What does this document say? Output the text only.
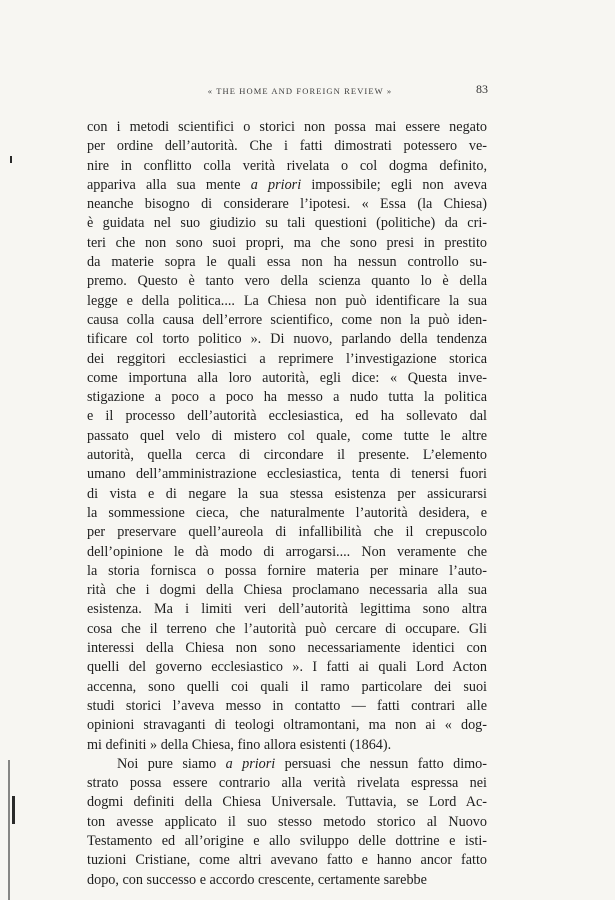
« THE HOME AND FOREIGN REVIEW »	83
con i metodi scientifici o storici non possa mai essere negato
per ordine dell’autorità. Che i fatti dimostrati potessero ve-
nire in conflitto colla verità rivelata o col dogma definito,
appariva alla sua mente a priori impossibile; egli non aveva
neanche bisogno di considerare l’ipotesi. « Essa (la Chiesa)
è guidata nel suo giudizio su tali questioni (politiche) da cri-
teri che non sono suoi propri, ma che sono presi in prestito
da materie sopra le quali essa non ha nessun controllo su-
premo. Questo è tanto vero della scienza quanto lo è della
legge e della politica.... La Chiesa non può identificare la sua
causa colla causa dell’errore scientifico, come non la può iden-
tificare col torto politico ». Di nuovo, parlando della tendenza
dei reggitori ecclesiastici a reprimere l’investigazione storica
come importuna alla loro autorità, egli dice: « Questa inve-
stigazione a poco a poco ha messo a nudo tutta la politica
e il processo dell’autorità ecclesiastica, ed ha sollevato dal
passato quel velo di mistero col quale, come tutte le altre
autorità, quella cerca di circondare il presente. L’elemento
umano dell’amministrazione ecclesiastica, tenta di tenersi fuori
di vista e di negare la sua stessa esistenza per assicurarsi
la sommessione cieca, che naturalmente l’autorità desidera, e
per preservare quell’aureola di infallibilità che il crepuscolo
dell’opinione le dà modo di arrogarsi.... Non veramente che
la storia fornisca o possa fornire materia per minare l’auto-
rità che i dogmi della Chiesa proclamano necessaria alla sua
esistenza. Ma i limiti veri dell’autorità legittima sono altra
cosa che il terreno che l’autorità può cercare di occupare. Gli
interessi della Chiesa non sono necessariamente identici con
quelli del governo ecclesiastico ». I fatti ai quali Lord Acton
accenna, sono quelli coi quali il ramo particolare dei suoi
studi storici l’aveva messo in contatto — fatti contrari alle
opinioni stravaganti di teologi oltramontani, ma non ai « dog-
mi definiti » della Chiesa, fino allora esistenti (1864).
Noi pure siamo a priori persuasi che nessun fatto dimo-
strato possa essere contrario alla verità rivelata espressa nei
dogmi definiti della Chiesa Universale. Tuttavia, se Lord Ac-
ton avesse applicato il suo stesso metodo storico al Nuovo
Testamento ed all’origine e allo sviluppo delle dottrine e isti-
tuzioni Cristiane, come altri avevano fatto e hanno ancor fatto
dopo, con successo e accordo crescente, certamente sarebbe
